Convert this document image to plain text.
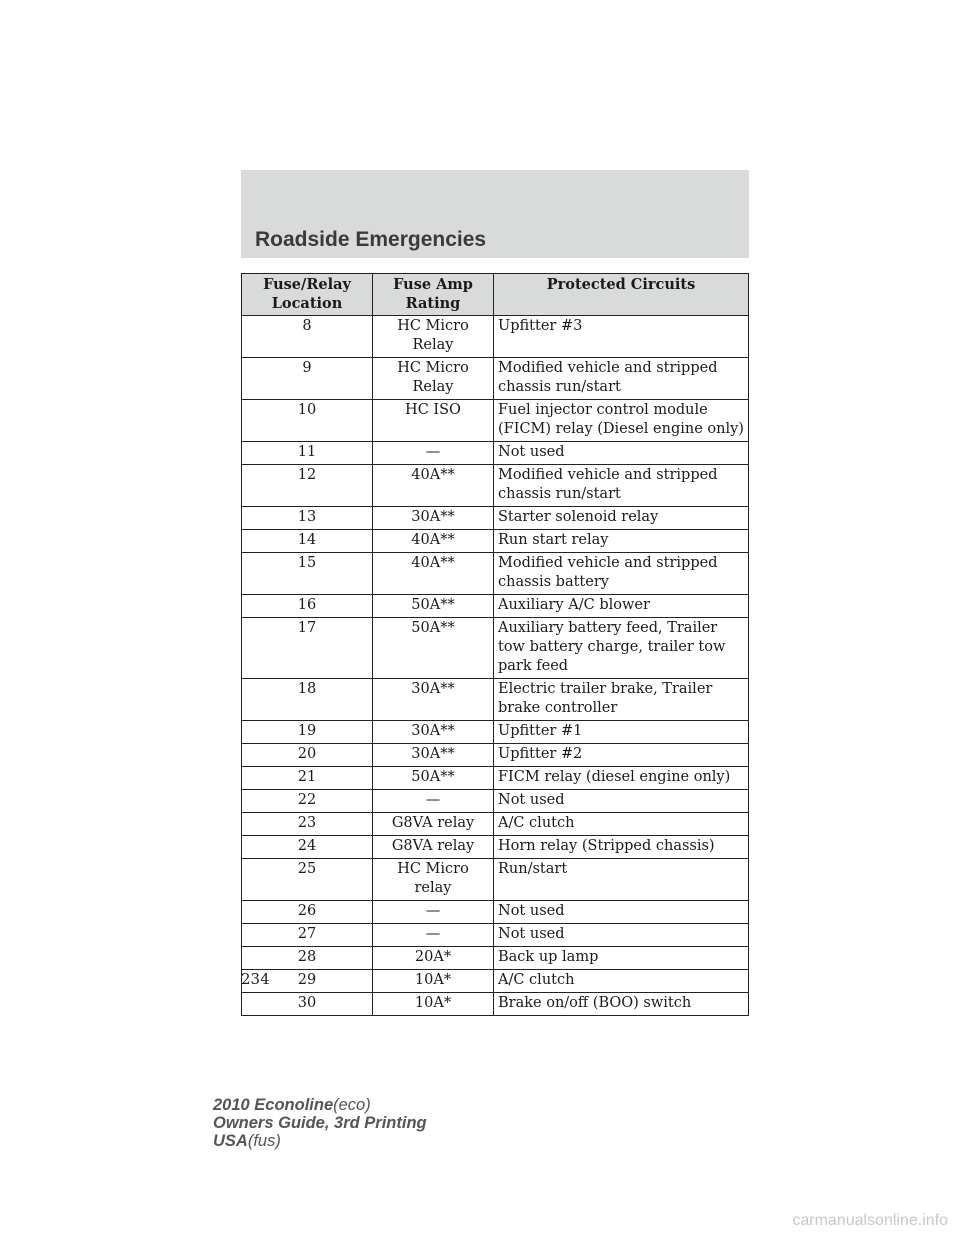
Roadside Emergencies
Fuse/Relay Location	Fuse Amp Rating	Protected Circuits
8	HC Micro Relay	Upfitter #3
9	HC Micro Relay	Modified vehicle and stripped chassis run/start
10	HC ISO	Fuel injector control module (FICM) relay (Diesel engine only)
11	—	Not used
12	40A**	Modified vehicle and stripped chassis run/start
13	30A**	Starter solenoid relay
14	40A**	Run start relay
15	40A**	Modified vehicle and stripped chassis battery
16	50A**	Auxiliary A/C blower
17	50A**	Auxiliary battery feed, Trailer tow battery charge, trailer tow park feed
18	30A**	Electric trailer brake, Trailer brake controller
19	30A**	Upfitter #1
20	30A**	Upfitter #2
21	50A**	FICM relay (diesel engine only)
22	—	Not used
23	G8VA relay	A/C clutch
24	G8VA relay	Horn relay (Stripped chassis)
25	HC Micro relay	Run/start
26	—	Not used
27	—	Not used
28	20A*	Back up lamp
29	10A*	A/C clutch
30	10A*	Brake on/off (BOO) switch
234
2010 Econoline(eco)
Owners Guide, 3rd Printing
USA(fus)
carmanualsonline.info
